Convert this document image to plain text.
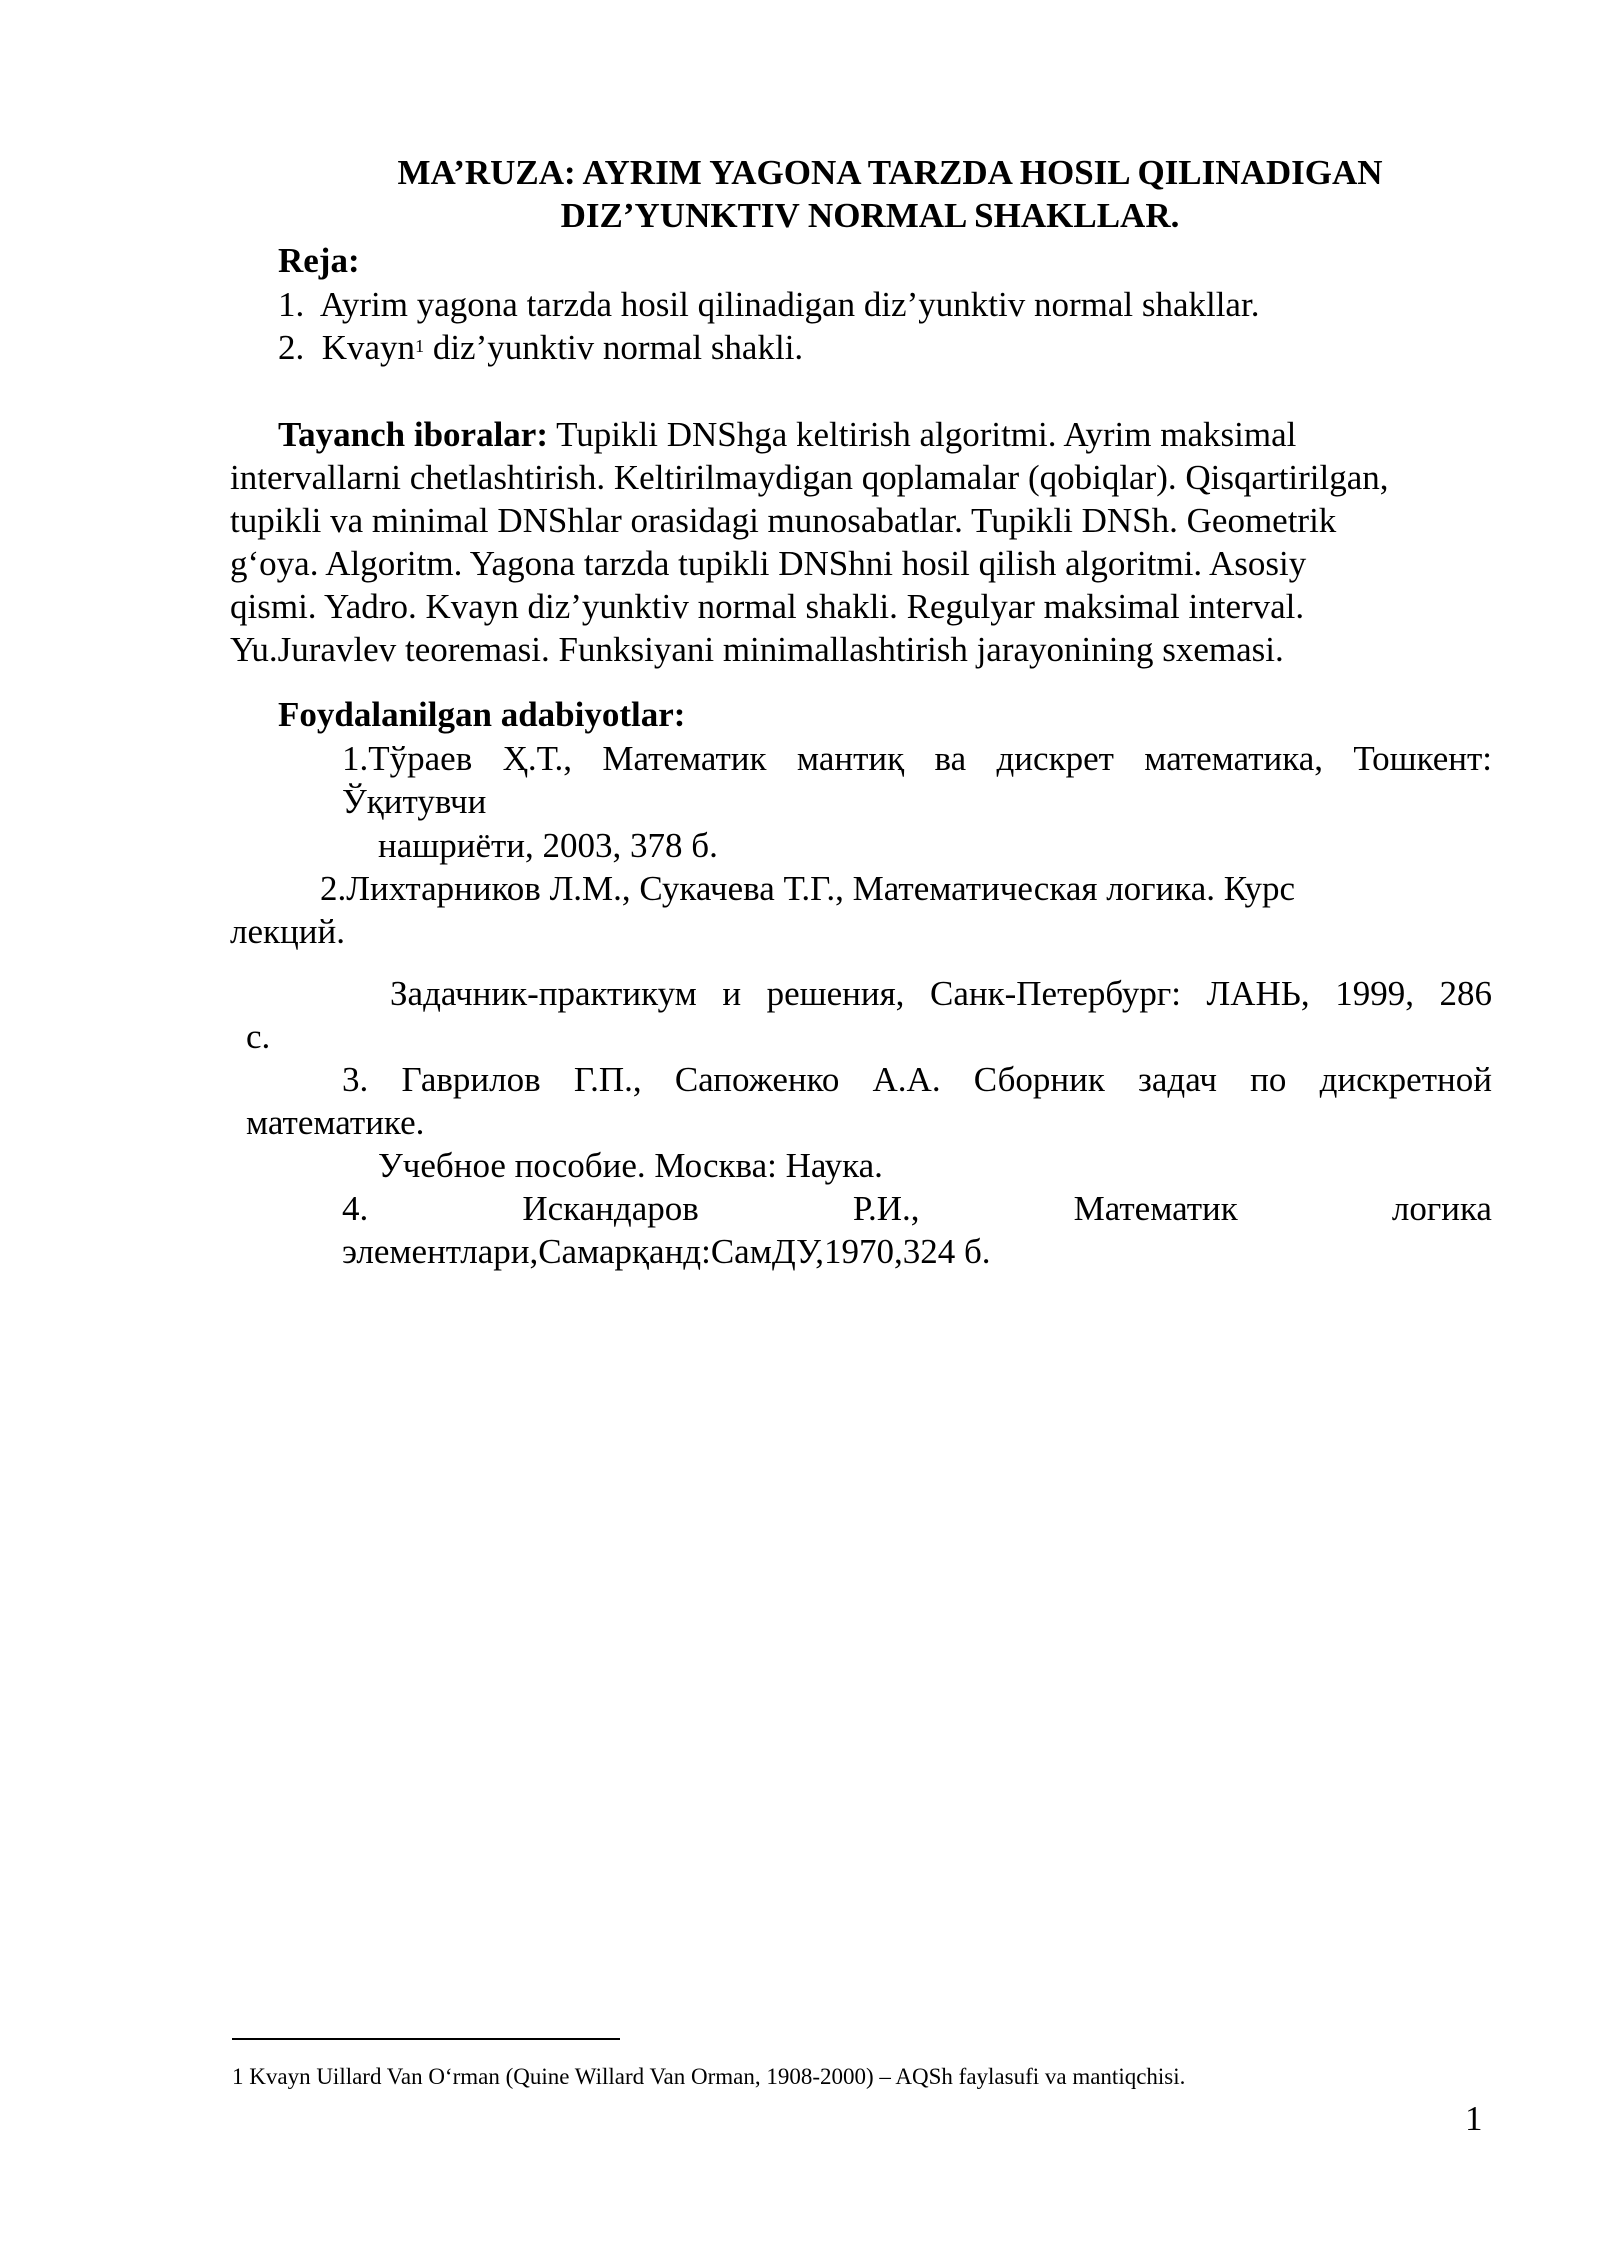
MA’RUZA: AYRIM YAGONA TARZDA HOSIL QILINADIGAN
DIZ’YUNKTIV NORMAL SHAKLLAR.
Reja:
1. Ayrim yagona tarzda hosil qilinadigan diz’yunktiv normal shakllar.
2. Kvayn$^1$ diz’yunktiv normal shakli.
Tayanch iboralar: Tupikli DNShga keltirish algoritmi. Ayrim maksimal
intervallarni chetlashtirish. Keltirilmaydigan qoplamalar (qobiqlar). Qisqartirilgan,
tupikli va minimal DNShlar orasidagi munosabatlar. Tupikli DNSh. Geometrik
g‘oya. Algoritm. Yagona tarzda tupikli DNShni hosil qilish algoritmi. Asosiy
qismi. Yadro. Kvayn diz’yunktiv normal shakli. Regulyar maksimal interval.
Yu.Juravlev teoremasi. Funksiyani minimallashtirish jarayonining sxemasi.
Foydalanilgan adabiyotlar:
1.Тўраев Ҳ.Т., Математик мантиқ ва дискрет математика, Тошкент:
Ўқитувчи
нашриёти, 2003, 378 б.
2.Лихтарников Л.М., Сукачева Т.Г., Математическая логика. Курс
лекций.
Задачник-практикум и решения, Санк-Петербург: ЛАНЬ, 1999, 286
с.
3. Гаврилов Г.П., Сапоженко А.А. Сборник задач по дискретной
математике.
Учебное пособие. Москва: Наука.
4.	Искандаров	Р.И.,	Математик	логика
элементлари,Самарқанд:СамДУ,1970,324 б.
1 Kvayn Uillard Van O‘rman (Quine Willard Van Orman, 1908-2000) – AQSh faylasufi va mantiqchisi.
1
